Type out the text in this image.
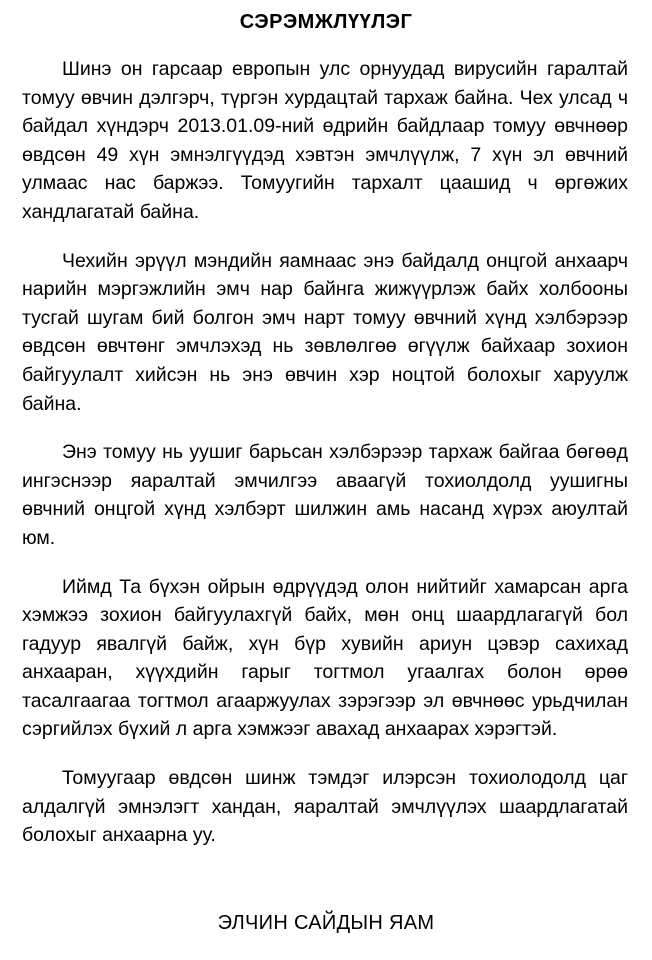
СЭРЭМЖЛҮҮЛЭГ

Шинэ он гарсаар европын улс орнуудад вирусийн гаралтай томуу өвчин дэлгэрч, түргэн хурдацтай тархаж байна. Чех улсад ч байдал хүндэрч 2013.01.09-ний өдрийн байдлаар томуу өвчнөөр өвдсөн 49 хүн эмнэлгүүдэд хэвтэн эмчлүүлж, 7 хүн эл өвчний улмаас нас баржээ. Томуугийн тархалт цаашид ч өргөжих хандлагатай байна.

Чехийн эрүүл мэндийн яамнаас энэ байдалд онцгой анхаарч нарийн мэргэжлийн эмч нар байнга жижүүрлэж байх холбооны тусгай шугам бий болгон эмч нарт томуу өвчний хүнд хэлбэрээр өвдсөн өвчтөнг эмчлэхэд нь зөвлөлгөө өгүүлж байхаар зохион байгуулалт хийсэн нь энэ өвчин хэр ноцтой болохыг харуулж байна.

Энэ томуу нь уушиг барьсан хэлбэрээр тархаж байгаа бөгөөд ингэснээр яаралтай эмчилгээ аваагүй тохиолдолд уушигны өвчний онцгой хүнд хэлбэрт шилжин амь насанд хүрэх аюултай юм.

Иймд Та бүхэн ойрын өдрүүдэд олон нийтийг хамарсан арга хэмжээ зохион байгуулахгүй байх, мөн онц шаардлагагүй бол гадуур явалгүй байж, хүн бүр хувийн ариун цэвэр сахихад анхааран, хүүхдийн гарыг тогтмол угаалгах болон өрөө тасалгаагаа тогтмол агааржуулах зэрэгээр эл өвчнөөс урьдчилан сэргийлэх бүхий л арга хэмжээг авахад анхаарах хэрэгтэй.

Томуугаар өвдсөн шинж тэмдэг илэрсэн тохиолодолд цаг алдалгүй эмнэлэгт хандан, яаралтай эмчлүүлэх шаардлагатай болохыг анхаарна уу.

ЭЛЧИН САЙДЫН ЯАМ
